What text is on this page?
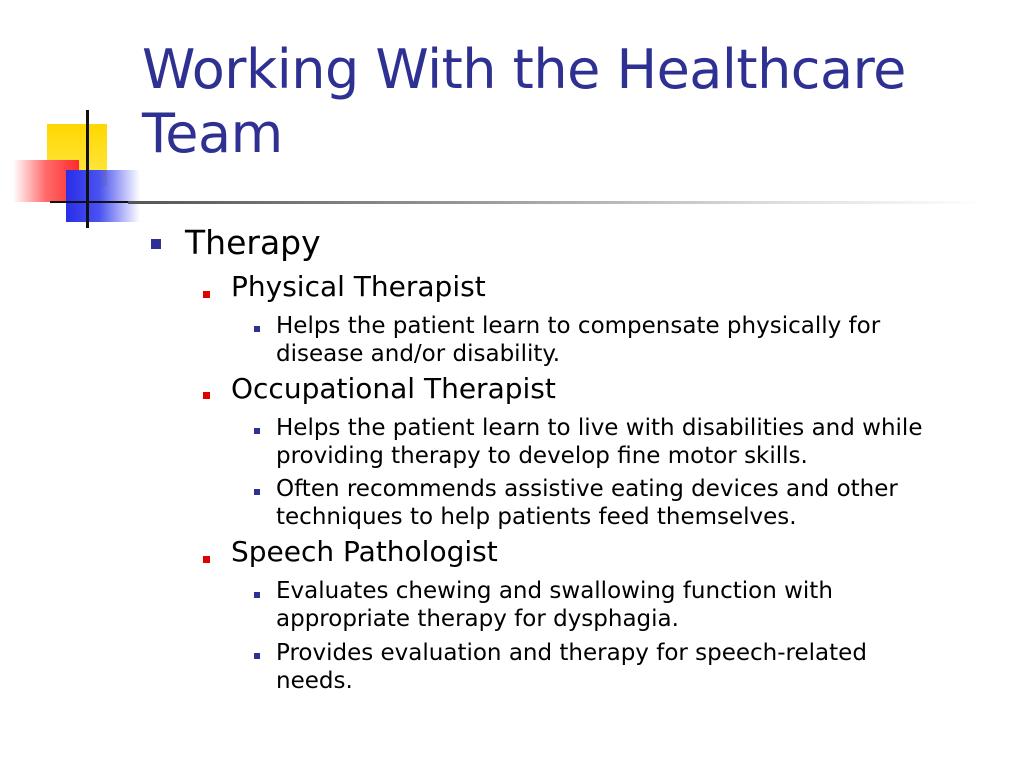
Working With the Healthcare Team
Therapy
Physical Therapist
Helps the patient learn to compensate physically for disease and/or disability.
Occupational Therapist
Helps the patient learn to live with disabilities and while providing therapy to develop fine motor skills.
Often recommends assistive eating devices and other techniques to help patients feed themselves.
Speech Pathologist
Evaluates chewing and swallowing function with appropriate therapy for dysphagia.
Provides evaluation and therapy for speech-related needs.
